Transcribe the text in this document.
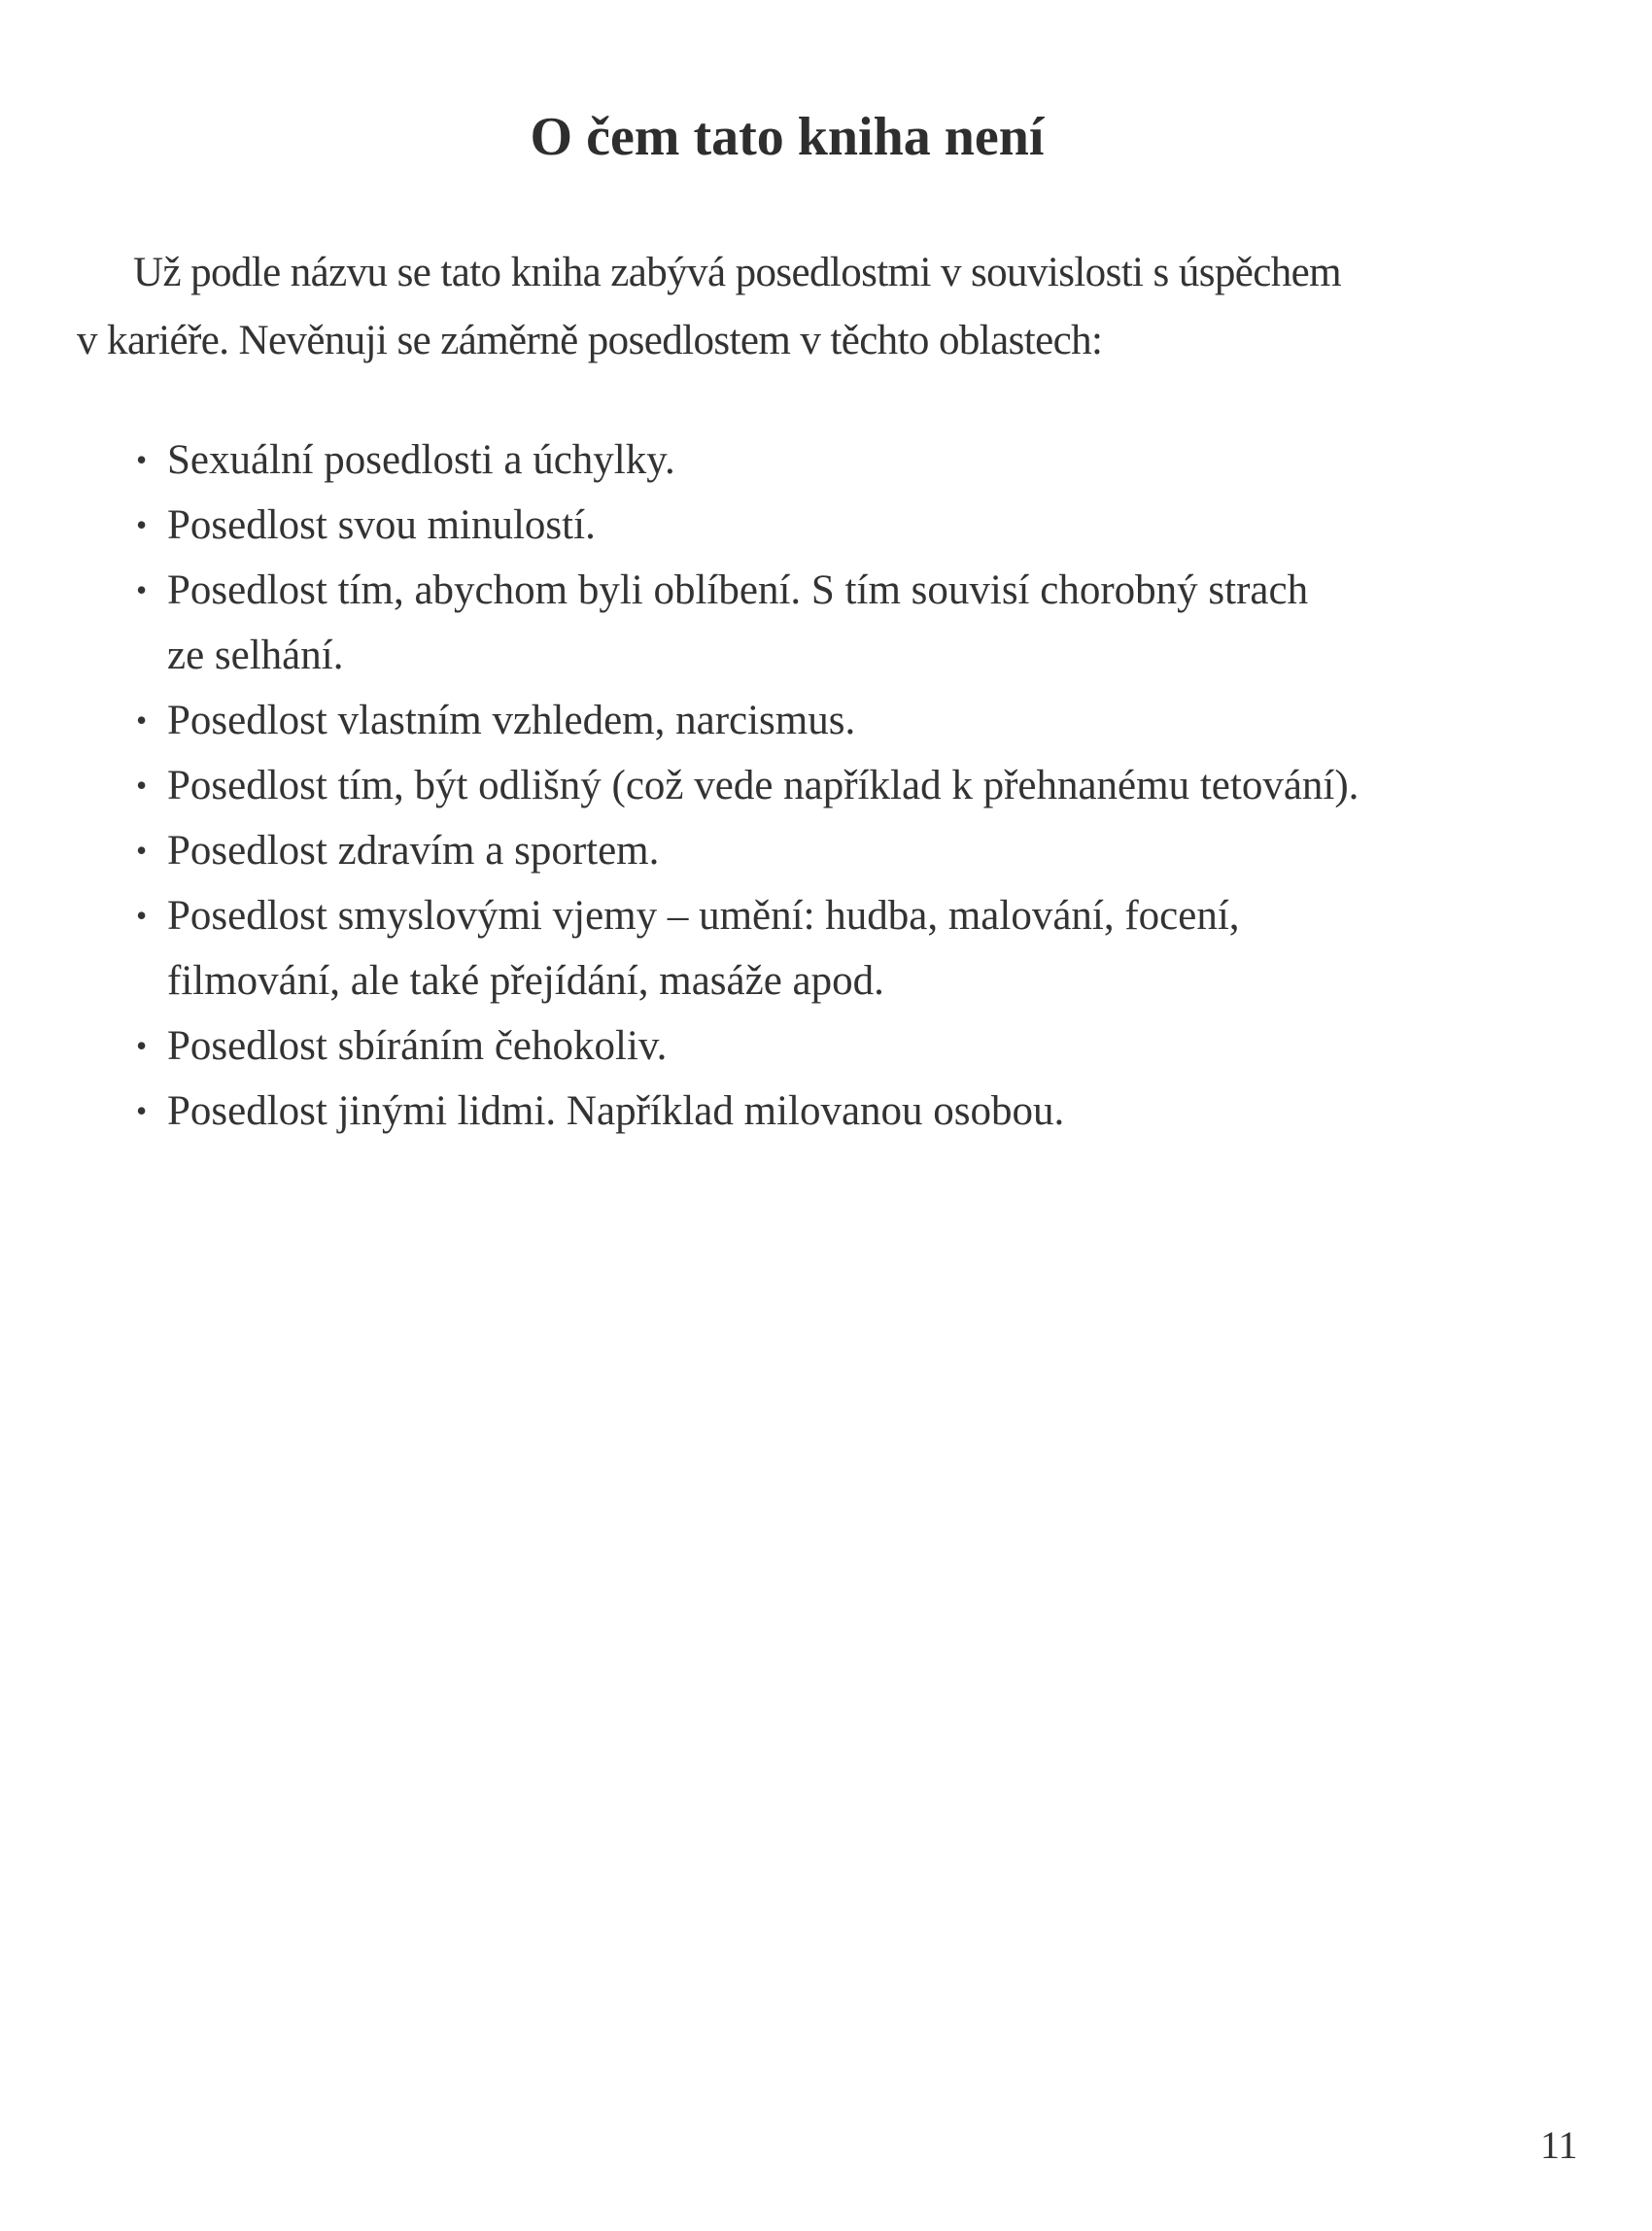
O čem tato kniha není

Už podle názvu se tato kniha zabývá posedlostmi v souvislosti s úspěchem
v kariéře. Nevěnuji se záměrně posedlostem v těchto oblastech:

• Sexuální posedlosti a úchylky.
• Posedlost svou minulostí.
• Posedlost tím, abychom byli oblíbení. S tím souvisí chorobný strach
ze selhání.
• Posedlost vlastním vzhledem, narcismus.
• Posedlost tím, být odlišný (což vede například k přehnanému tetování).
• Posedlost zdravím a sportem.
• Posedlost smyslovými vjemy – umění: hudba, malování, focení,
filmování, ale také přejídání, masáže apod.
• Posedlost sbíráním čehokoliv.
• Posedlost jinými lidmi. Například milovanou osobou.
11
